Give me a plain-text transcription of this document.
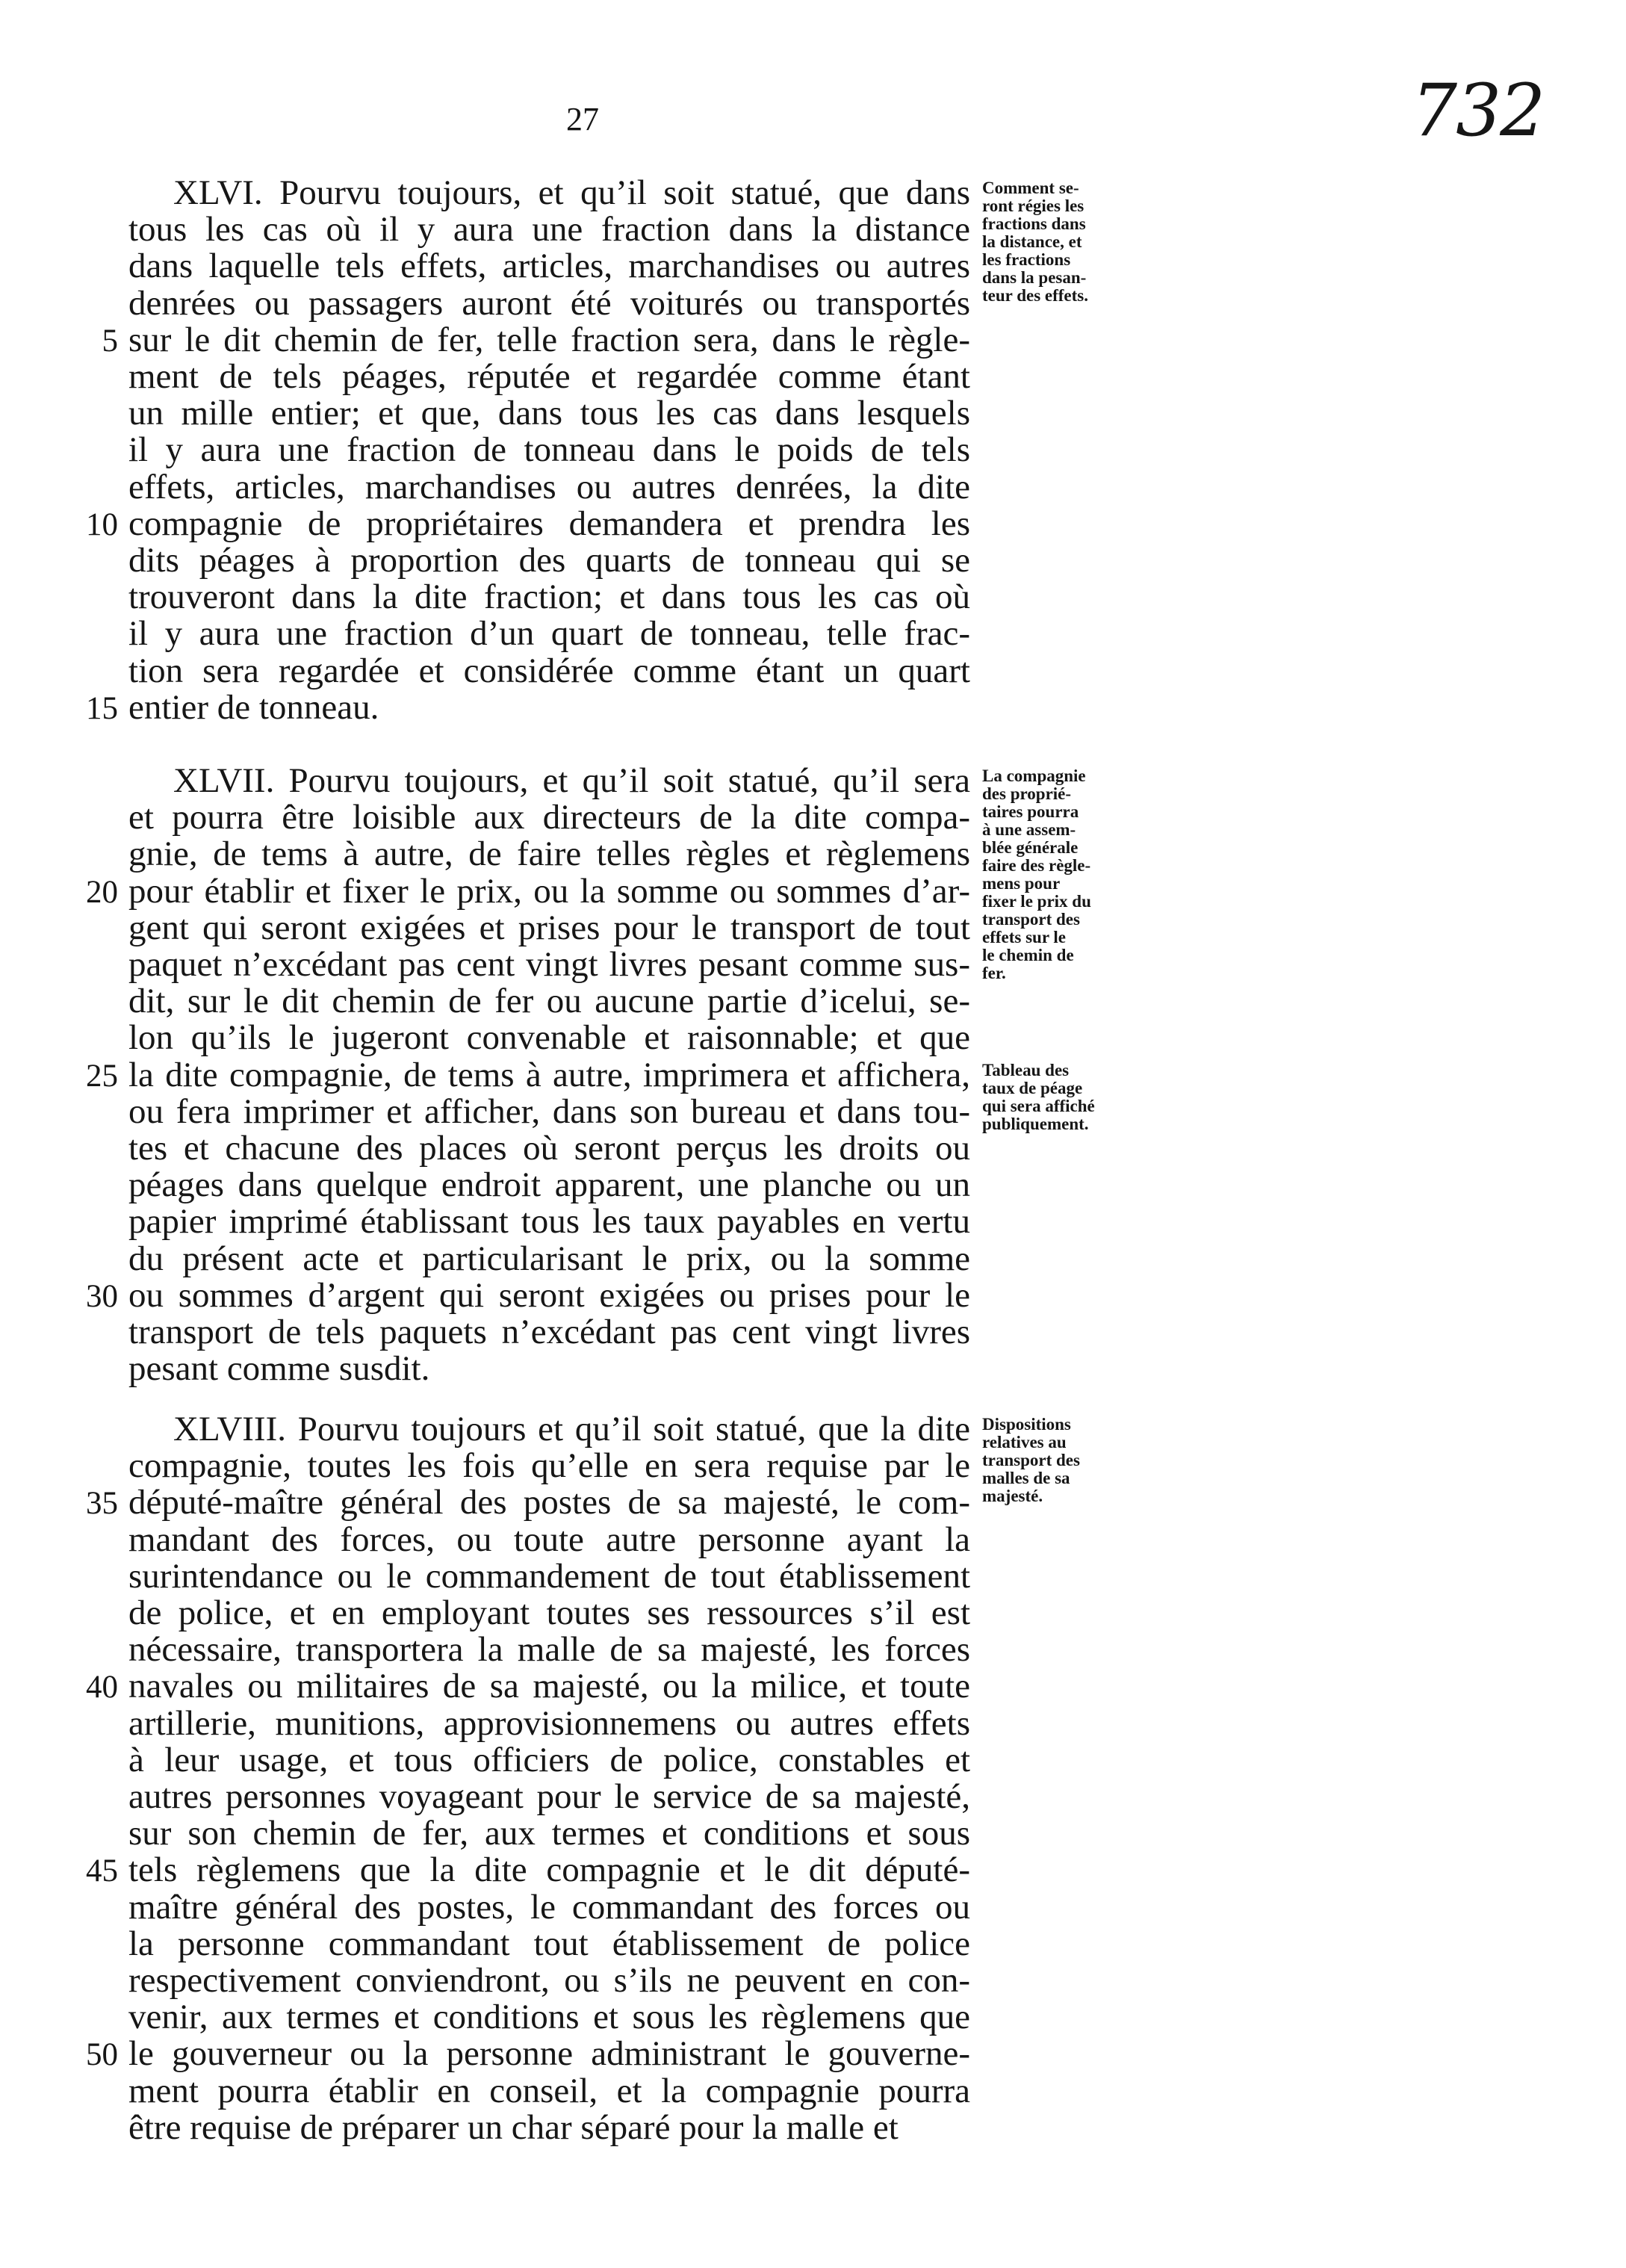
27	732
XLVI. Pourvu toujours, et qu’il soit statué, que dans
tous les cas où il y aura une fraction dans la distance
dans laquelle tels effets, articles, marchandises ou autres
denrées ou passagers auront été voiturés ou transportés
sur le dit chemin de fer, telle fraction sera, dans le règle-
ment de tels péages, réputée et regardée comme étant
un mille entier; et que, dans tous les cas dans lesquels
il y aura une fraction de tonneau dans le poids de tels
effets, articles, marchandises ou autres denrées, la dite
compagnie de propriétaires demandera et prendra les
dits péages à proportion des quarts de tonneau qui se
trouveront dans la dite fraction; et dans tous les cas où
il y aura une fraction d’un quart de tonneau, telle frac-
tion sera regardée et considérée comme étant un quart
entier de tonneau.
Comment se-
ront régies les
fractions dans
la distance, et
les fractions
dans la pesan-
teur des effets.
XLVII. Pourvu toujours, et qu’il soit statué, qu’il sera
et pourra être loisible aux directeurs de la dite compa-
gnie, de tems à autre, de faire telles règles et règlemens
pour établir et fixer le prix, ou la somme ou sommes d’ar-
gent qui seront exigées et prises pour le transport de tout
paquet n’excédant pas cent vingt livres pesant comme sus-
dit, sur le dit chemin de fer ou aucune partie d’icelui, se-
lon qu’ils le jugeront convenable et raisonnable; et que
la dite compagnie, de tems à autre, imprimera et affichera,
ou fera imprimer et afficher, dans son bureau et dans tou-
tes et chacune des places où seront perçus les droits ou
péages dans quelque endroit apparent, une planche ou un
papier imprimé établissant tous les taux payables en vertu
du présent acte et particularisant le prix, ou la somme
ou sommes d’argent qui seront exigées ou prises pour le
transport de tels paquets n’excédant pas cent vingt livres
pesant comme susdit.
La compagnie
des proprié-
taires pourra
à une assem-
blée générale
faire des règle-
mens pour
fixer le prix du
transport des
effets sur le
le chemin de
fer.
Tableau des
taux de péage
qui sera affiché
publiquement.
XLVIII. Pourvu toujours et qu’il soit statué, que la dite
compagnie, toutes les fois qu’elle en sera requise par le
député-maître général des postes de sa majesté, le com-
mandant des forces, ou toute autre personne ayant la
surintendance ou le commandement de tout établissement
de police, et en employant toutes ses ressources s’il est
nécessaire, transportera la malle de sa majesté, les forces
navales ou militaires de sa majesté, ou la milice, et toute
artillerie, munitions, approvisionnemens ou autres effets
à leur usage, et tous officiers de police, constables et
autres personnes voyageant pour le service de sa majesté,
sur son chemin de fer, aux termes et conditions et sous
tels règlemens que la dite compagnie et le dit député-
maître général des postes, le commandant des forces ou
la personne commandant tout établissement de police
respectivement conviendront, ou s’ils ne peuvent en con-
venir, aux termes et conditions et sous les règlemens que
le gouverneur ou la personne administrant le gouverne-
ment pourra établir en conseil, et la compagnie pourra
être requise de préparer un char séparé pour la malle et
Dispositions
relatives au
transport des
malles de sa
majesté.
5
10
15
20
25
30
35
40
45
50
